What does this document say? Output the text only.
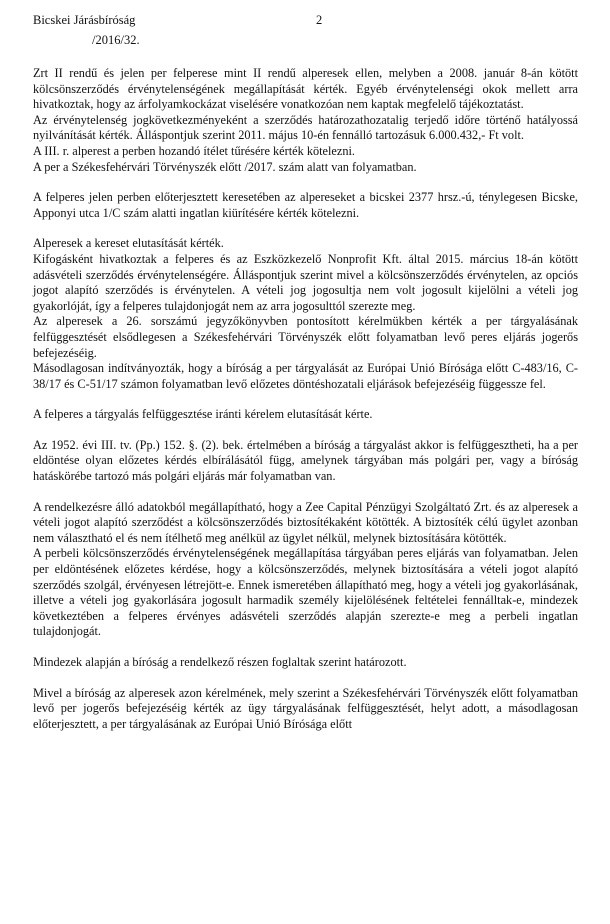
Bicskei Járásbíróság	2
/2016/32.

Zrt II rendű és jelen per felperese mint II rendű alperesek ellen, melyben a 2008. január 8-án kötött kölcsönszerződés érvénytelenségének megállapítását kérték. Egyéb érvénytelenségi okok mellett arra hivatkoztak, hogy az árfolyamkockázat viselésére vonatkozóan nem kaptak megfelelő tájékoztatást.

Az érvénytelenség jogkövetkezményeként a szerződés határozathozatalig terjedő időre történő hatályossá nyilvánítását kérték. Álláspontjuk szerint 2011. május 10-én fennálló tartozásuk 6.000.432,- Ft volt.

A III. r. alperest a perben hozandó ítélet tűrésére kérték kötelezni.

A per a Székesfehérvári Törvényszék előtt /2017. szám alatt van folyamatban.

A felperes jelen perben előterjesztett keresetében az alpereseket a bicskei 2377 hrsz.-ú, ténylegesen Bicske, Apponyi utca 1/C szám alatti ingatlan kiürítésére kérték kötelezni.

Alperesek a kereset elutasítását kérték.

Kifogásként hivatkoztak a felperes és az Eszközkezelő Nonprofit Kft. által 2015. március 18-án kötött adásvételi szerződés érvénytelenségére. Álláspontjuk szerint mivel a kölcsönszerződés érvénytelen, az opciós jogot alapító szerződés is érvénytelen. A vételi jog jogosultja nem volt jogosult kijelölni a vételi jog gyakorlóját, így a felperes tulajdonjogát nem az arra jogosulttól szerezte meg.

Az alperesek a 26. sorszámú jegyzőkönyvben pontosított kérelmükben kérték a per tárgyalásának felfüggesztését elsődlegesen a Székesfehérvári Törvényszék előtt folyamatban levő peres eljárás jogerős befejezéséig.

Másodlagosan indítványozták, hogy a bíróság a per tárgyalását az Európai Unió Bírósága előtt C-483/16, C-38/17 és C-51/17 számon folyamatban levő előzetes döntéshozatali eljárások befejezéséig függessze fel.

A felperes a tárgyalás felfüggesztése iránti kérelem elutasítását kérte.

Az 1952. évi III. tv. (Pp.) 152. §. (2). bek. értelmében a bíróság a tárgyalást akkor is felfüggesztheti, ha a per eldöntése olyan előzetes kérdés elbírálásától függ, amelynek tárgyában más polgári per, vagy a bíróság hatáskörébe tartozó más polgári eljárás már folyamatban van.

A rendelkezésre álló adatokból megállapítható, hogy a Zee Capital Pénzügyi Szolgáltató Zrt. és az alperesek a vételi jogot alapító szerződést a kölcsönszerződés biztosítékaként kötötték. A biztosíték célú ügylet azonban nem választható el és nem ítélhető meg anélkül az ügylet nélkül, melynek biztosítására kötötték.

A perbeli kölcsönszerződés érvénytelenségének megállapítása tárgyában peres eljárás van folyamatban. Jelen per eldöntésének előzetes kérdése, hogy a kölcsönszerződés, melynek biztosítására a vételi jogot alapító szerződés szolgál, érvényesen létrejött-e. Ennek ismeretében állapítható meg, hogy a vételi jog gyakorlásának, illetve a vételi jog gyakorlására jogosult harmadik személy kijelölésének feltételei fennálltak-e, mindezek következtében a felperes érvényes adásvételi szerződés alapján szerezte-e meg a perbeli ingatlan tulajdonjogát.

Mindezek alapján a bíróság a rendelkező részen foglaltak szerint határozott.

Mivel a bíróság az alperesek azon kérelmének, mely szerint a Székesfehérvári Törvényszék előtt folyamatban levő per jogerős befejezéséig kérték az ügy tárgyalásának felfüggesztését, helyt adott, a másodlagosan előterjesztett, a per tárgyalásának az Európai Unió Bírósága előtt
